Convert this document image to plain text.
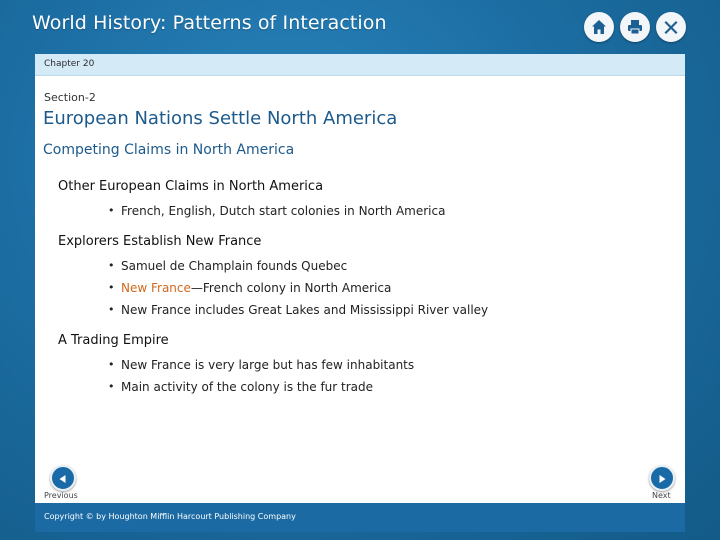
World History: Patterns of Interaction
Chapter 20
Section-2
European Nations Settle North America
Competing Claims in North America
Other European Claims in North America
• French, English, Dutch start colonies in North America
Explorers Establish New France
• Samuel de Champlain founds Quebec
• New France—French colony in North America
• New France includes Great Lakes and Mississippi River valley
A Trading Empire
• New France is very large but has few inhabitants
• Main activity of the colony is the fur trade
Previous	Next
Copyright © by Houghton Mifflin Harcourt Publishing Company
